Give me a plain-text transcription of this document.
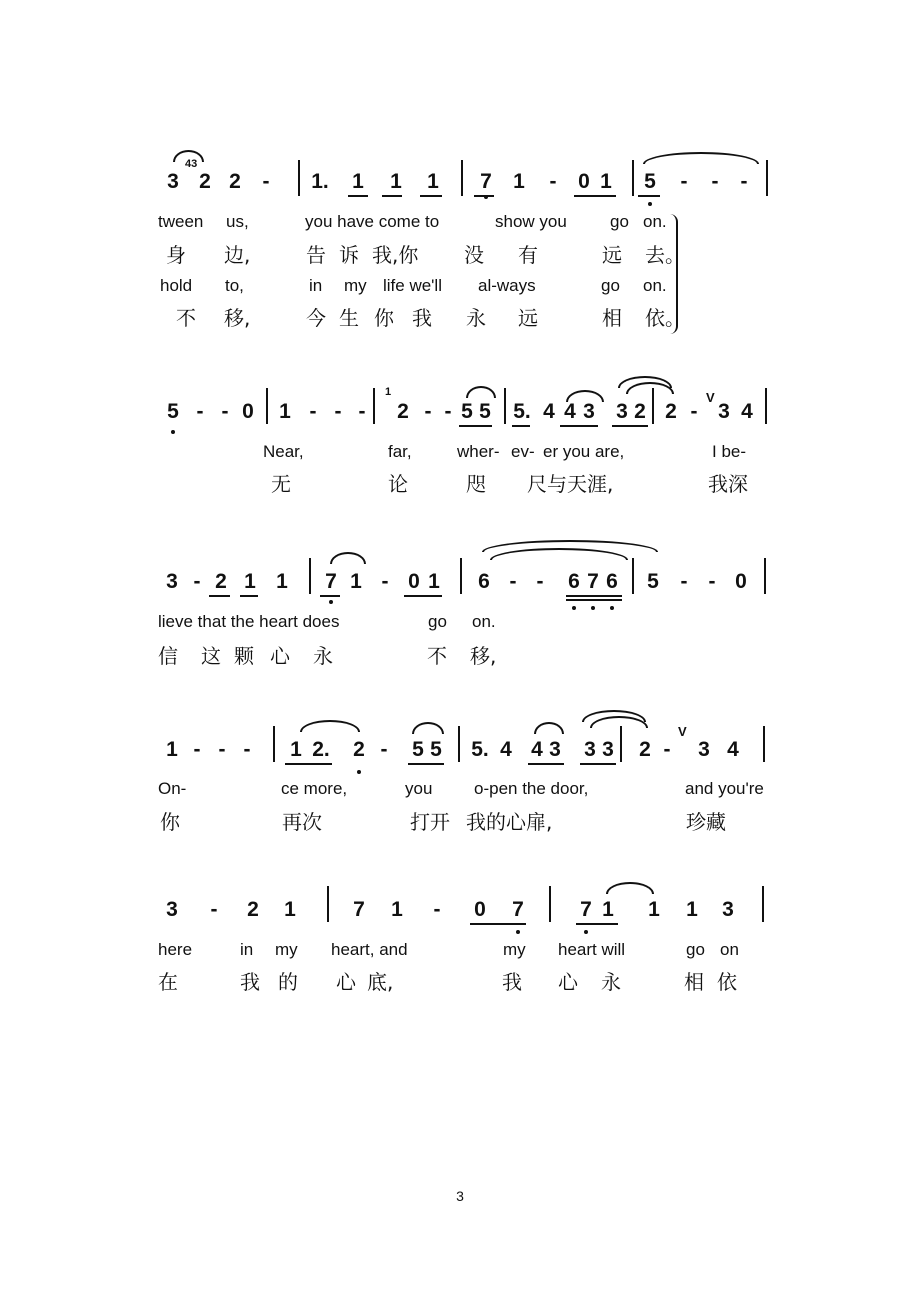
3 2 2 - 1. 1 1 1 7 1 - 0 1 5 - - -
tween us,	you have come to	show you	go on.
身 边,	告 诉 我,你 没 有	远 去。
hold to,	in my life we'll al-ways	go on.
不 移,	今 生 你 我 永 远	相 依。
5 - - 0 1 - - - 2 - - 5 5 5. 4 4 3 3 2 2 - 3 4
Near,	far,	wher- ev- er you are,	I be-
无	论	咫 尺与天涯,	我深
3 - 2 1 1 7 1 - 0 1 6 - - 6 7 6 5 - - 0
lieve that the heart does	go on.
信 这 颗 心 永	不 移,
1 - - - 1 2. 2 - 5 5 5. 4 4 3 3 3 2 - 3 4
On-	ce more,	you o-pen the door,	and you're
你	再次	打开 我的心扉,	珍藏
3 - 2 1	7 1 - 0 7	7 1 1 1 3
here	in my heart, and	my heart will	go on
在	我 的 心 底,	我 心 永	相 依
43
1	V
V
3
